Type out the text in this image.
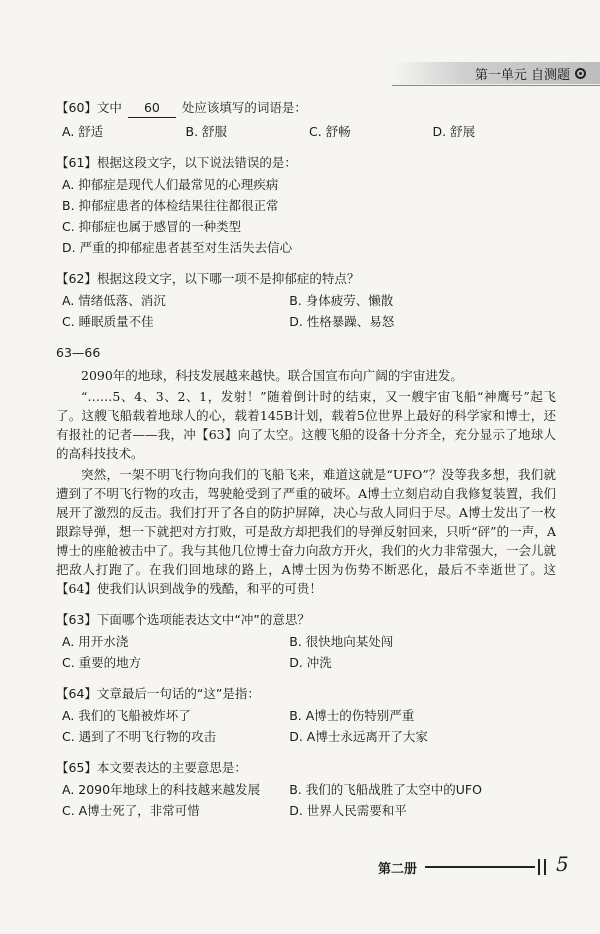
第一单元 自测题

【60】文中 60 处应该填写的词语是：

A. 舒适	B. 舒服	C. 舒畅	D. 舒展

【61】根据这段文字，以下说法错误的是：

A. 抑郁症是现代人们最常见的心理疾病
B. 抑郁症患者的体检结果往往都很正常
C. 抑郁症也属于感冒的一种类型
D. 严重的抑郁症患者甚至对生活失去信心

【62】根据这段文字，以下哪一项不是抑郁症的特点？

A. 情绪低落、消沉	B. 身体疲劳、懒散
C. 睡眠质量不佳	D. 性格暴躁、易怒
63—66

2090年的地球，科技发展越来越快。联合国宣布向广阔的宇宙进发。

“……5、4、3、2、1，发射！”随着倒计时的结束，又一艘宇宙飞船“神鹰号”起飞了。这艘飞船载着地球人的心，载着145B计划，载着5位世界上最好的科学家和博士，还有报社的记者——我，冲【63】向了太空。这艘飞船的设备十分齐全，充分显示了地球人的高科技技术。

突然，一架不明飞行物向我们的飞船飞来，难道这就是“UFO”？没等我多想，我们就遭到了不明飞行物的攻击，驾驶舱受到了严重的破坏。A博士立刻启动自我修复装置，我们展开了激烈的反击。我们打开了各自的防护屏障，决心与敌人同归于尽。A博士发出了一枚跟踪导弹，想一下就把对方打败，可是敌方却把我们的导弹反射回来，只听“砰”的一声，A博士的座舱被击中了。我与其他几位博士奋力向敌方开火，我们的火力非常强大，一会儿就把敌人打跑了。在我们回地球的路上，A博士因为伤势不断恶化，最后不幸逝世了。这【64】使我们认识到战争的残酷，和平的可贵！

【63】下面哪个选项能表达文中“冲”的意思？

A. 用开水浇	B. 很快地向某处闯
C. 重要的地方	D. 冲洗

【64】文章最后一句话的“这”是指：

A. 我们的飞船被炸坏了	B. A博士的伤特别严重
C. 遇到了不明飞行物的攻击	D. A博士永远离开了大家

【65】本文要表达的主要意思是：

A. 2090年地球上的科技越来越发展	B. 我们的飞船战胜了太空中的UFO
C. A博士死了，非常可惜	D. 世界人民需要和平
第二册	5
